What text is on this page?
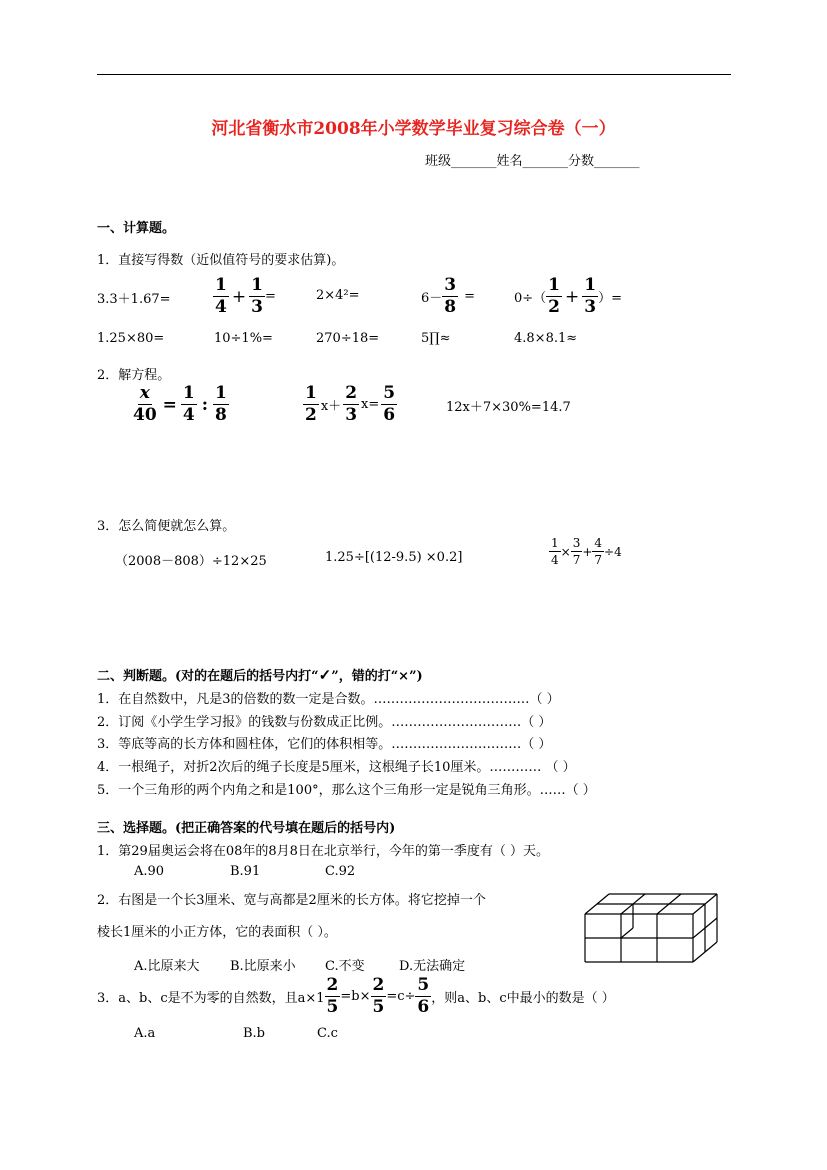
河北省衡水市2008年小学数学毕业复习综合卷（一）
班级_______姓名_______分数_______
一、计算题。
1．直接写得数（近似值符号的要求估算)。
$3.3+1.67= \frac{1}{4} + \frac{1}{3}$ =	2×4²=	$6- \frac{3}{8}$ =	$0\div( \frac{1}{2} + \frac{1}{3}$ ）=
1.25×80=	10÷1%=	270÷18=	5∏≈	4.8×8.1≈
2．解方程。
$\frac{x}{40} = \frac{1}{4}$ : $\frac{1}{8}$	$\frac{1}{2} x+ \frac{2}{3} x= \frac{5}{6}$	12x＋7×30%=14.7
3．怎么简便就怎么算。
（2008－808）÷12×25	1.25÷[(12-9.5) ×0.2]	$\frac{1}{4} \times \frac{3}{7} + \frac{4}{7} \div 4$
二、判断题。(对的在题后的括号内打“✓”，错的打“×”)
1．在自然数中，凡是3的倍数的数一定是合数。………………………………（ ）
2．订阅《小学生学习报》的钱数与份数成正比例。…………………………（ ）
3．等底等高的长方体和圆柱体，它们的体积相等。…………………………（ ）
4．一根绳子，对折2次后的绳子长度是5厘米，这根绳子长10厘米。………… （ ）
5．一个三角形的两个内角之和是100°，那么这个三角形一定是锐角三角形。……（ ）
三、选择题。(把正确答案的代号填在题后的括号内)
1．第29届奥运会将在08年的8月8日在北京举行，今年的第一季度有（ ）天。
A.90	B.91	C.92
2．右图是一个长3厘米、宽与高都是2厘米的长方体。将它挖掉一个
棱长1厘米的小正方体，它的表面积（ ）。
A.比原来大 B.比原来小 C.不变	D.无法确定
3．a、b、c是不为零的自然数，且$a\times 1 \frac{2}{5} =b\times \frac{2}{5} =c\div \frac{5}{6}$ ，则a、b、c中最小的数是（ ）
A.a	B.b	C.c
